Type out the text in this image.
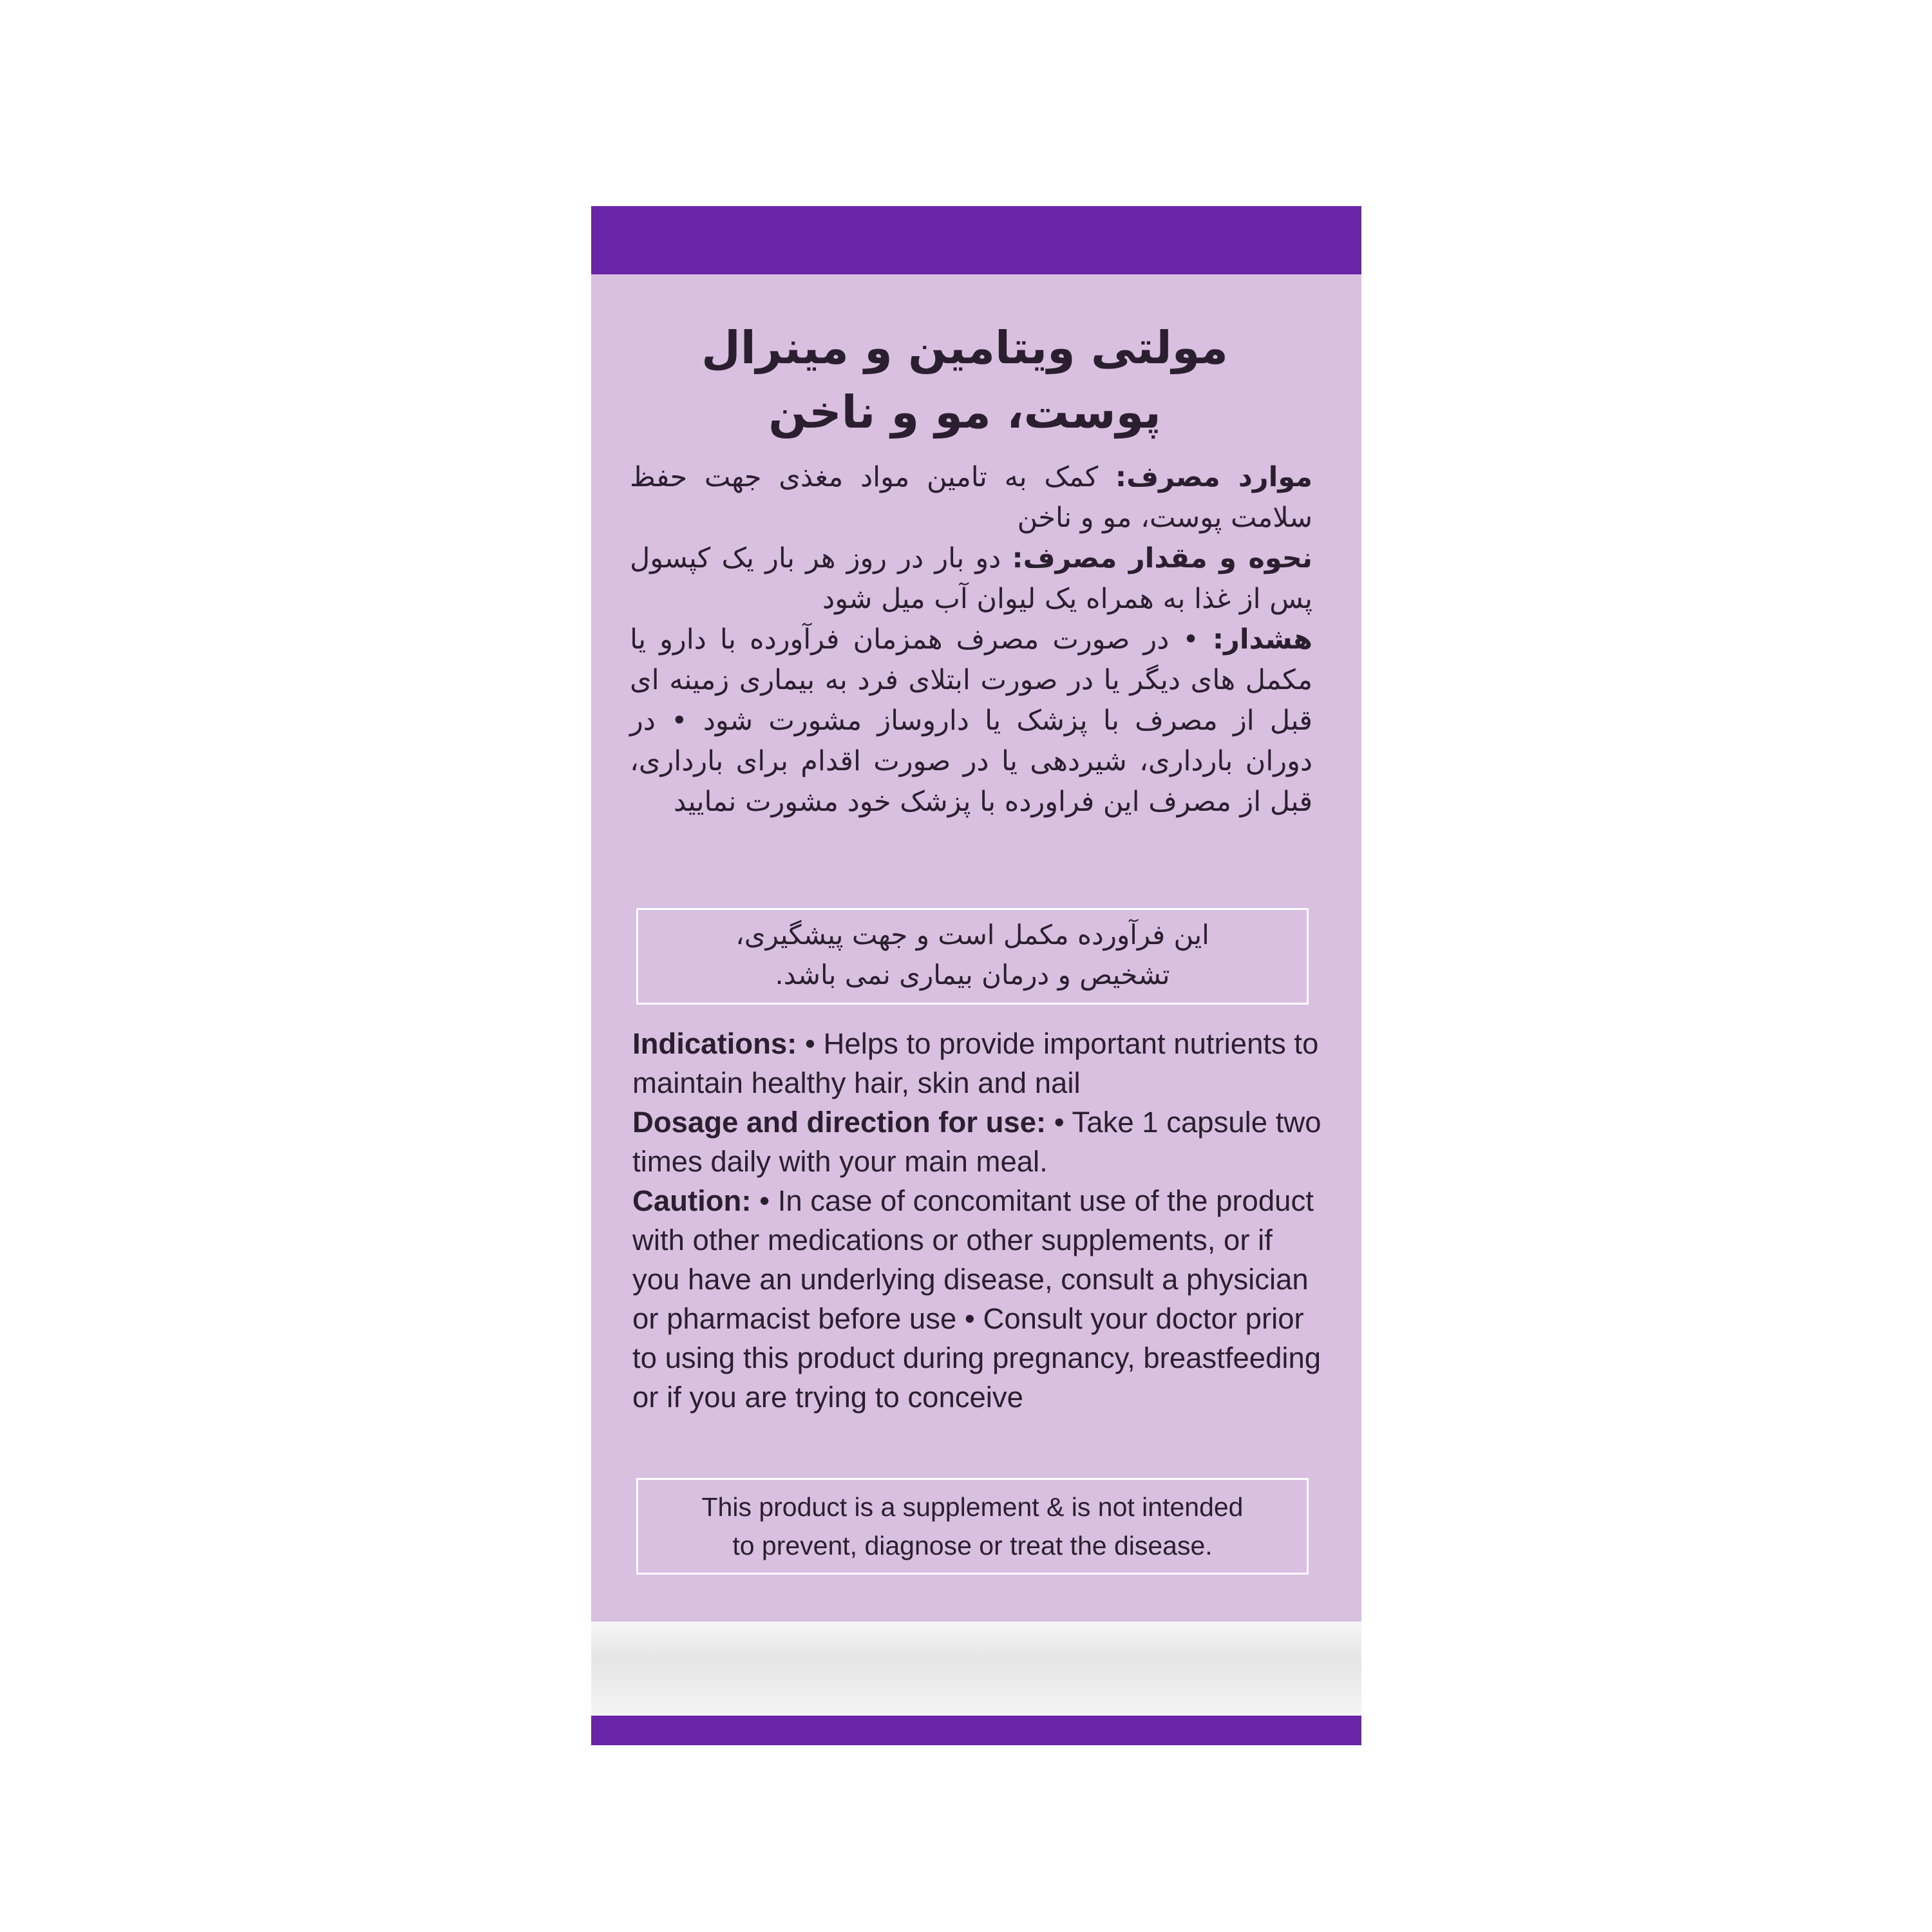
مولتی ویتامین و مینرال
پوست، مو و ناخن

موارد مصرف: کمک به تامین مواد مغذی جهت حفظ سلامت پوست، مو و ناخن

نحوه و مقدار مصرف: دو بار در روز هر بار یک کپسول پس از غذا به همراه یک لیوان آب میل شود

هشدار: • در صورت مصرف همزمان فرآورده با دارو یا مکمل های دیگر یا در صورت ابتلای فرد به بیماری زمینه ای قبل از مصرف با پزشک یا داروساز مشورت شود • در دوران بارداری، شیردهی یا در صورت اقدام برای بارداری، قبل از مصرف این فراورده با پزشک خود مشورت نمایید

این فرآورده مکمل است و جهت پیشگیری،
تشخیص و درمان بیماری نمی باشد.

Indications: • Helps to provide important nutrients to maintain healthy hair, skin and nail

Dosage and direction for use: • Take 1 capsule two times daily with your main meal.

Caution: • In case of concomitant use of the product with other medications or other supplements, or if you have an underlying disease, consult a physician or pharmacist before use • Consult your doctor prior to using this product during pregnancy, breastfeeding or if you are trying to conceive

This product is a supplement & is not intended
to prevent, diagnose or treat the disease.
